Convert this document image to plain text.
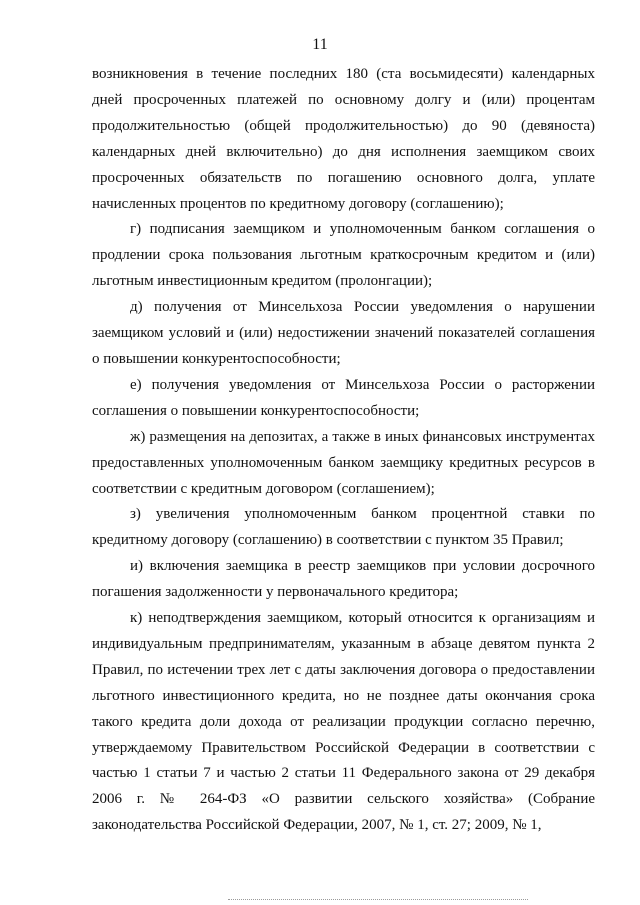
11

возникновения в течение последних 180 (ста восьмидесяти) календарных дней просроченных платежей по основному долгу и (или) процентам продолжительностью (общей продолжительностью) до 90 (девяноста) календарных дней включительно) до дня исполнения заемщиком своих просроченных обязательств по погашению основного долга, уплате начисленных процентов по кредитному договору (соглашению);

г) подписания заемщиком и уполномоченным банком соглашения о продлении срока пользования льготным краткосрочным кредитом и (или) льготным инвестиционным кредитом (пролонгации);

д) получения от Минсельхоза России уведомления о нарушении заемщиком условий и (или) недостижении значений показателей соглашения о повышении конкурентоспособности;

е) получения уведомления от Минсельхоза России о расторжении соглашения о повышении конкурентоспособности;

ж) размещения на депозитах, а также в иных финансовых инструментах предоставленных уполномоченным банком заемщику кредитных ресурсов в соответствии с кредитным договором (соглашением);

з) увеличения уполномоченным банком процентной ставки по кредитному договору (соглашению) в соответствии с пунктом 35 Правил;

и) включения заемщика в реестр заемщиков при условии досрочного погашения задолженности у первоначального кредитора;

к) неподтверждения заемщиком, который относится к организациям и индивидуальным предпринимателям, указанным в абзаце девятом пункта 2 Правил, по истечении трех лет с даты заключения договора о предоставлении льготного инвестиционного кредита, но не позднее даты окончания срока такого кредита доли дохода от реализации продукции согласно перечню, утверждаемому Правительством Российской Федерации в соответствии с частью 1 статьи 7 и частью 2 статьи 11 Федерального закона от 29 декабря 2006 г. № 264-ФЗ «О развитии сельского хозяйства» (Собрание законодательства Российской Федерации, 2007, № 1, ст. 27; 2009, № 1,
